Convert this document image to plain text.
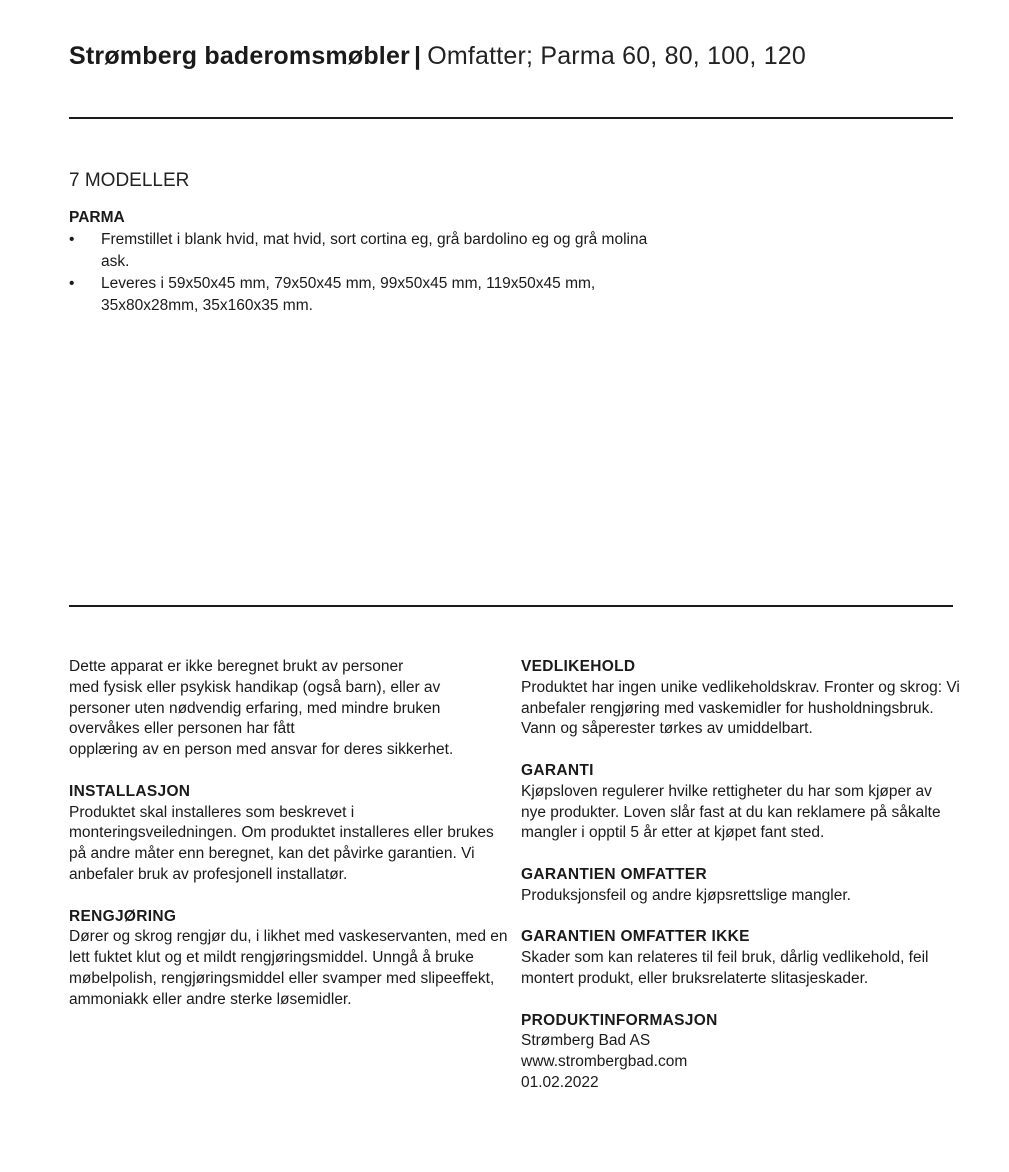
Strømberg baderomsmøbler | Omfatter; Parma 60, 80, 100, 120
7 MODELLER

PARMA

•	Fremstillet i blank hvid, mat hvid, sort cortina eg, grå bardolino eg og grå molina ask.
•	Leveres i 59x50x45 mm, 79x50x45 mm, 99x50x45 mm, 119x50x45 mm, 35x80x28mm, 35x160x35 mm.

Dette apparat er ikke beregnet brukt av personer
med fysisk eller psykisk handikap (også barn), eller av
personer uten nødvendig erfaring, med mindre bruken
overvåkes eller personen har fått
opplæring av en person med ansvar for deres sikkerhet.

INSTALLASJON

Produktet skal installeres som beskrevet i monteringsveiledningen. Om produktet installeres eller brukes på andre måter enn beregnet, kan det påvirke garantien. Vi anbefaler bruk av profesjonell installatør.

RENGJØRING

Dører og skrog rengjør du, i likhet med vaskeservanten, med en lett fuktet klut og et mildt rengjøringsmiddel. Unngå å bruke møbelpolish, rengjøringsmiddel eller svamper med slipeeffekt, ammoniakk eller andre sterke løsemidler.

VEDLIKEHOLD

Produktet har ingen unike vedlikeholdskrav. Fronter og skrog: Vi anbefaler rengjøring med vaskemidler for husholdningsbruk. Vann og såperester tørkes av umiddelbart.

GARANTI

Kjøpsloven regulerer hvilke rettigheter du har som kjøper av nye produkter. Loven slår fast at du kan reklamere på såkalte mangler i opptil 5 år etter at kjøpet fant sted.

GARANTIEN OMFATTER

Produksjonsfeil og andre kjøpsrettslige mangler.

GARANTIEN OMFATTER IKKE

Skader som kan relateres til feil bruk, dårlig vedlikehold, feil montert produkt, eller bruksrelaterte slitasjeskader.

PRODUKTINFORMASJON
Strømberg Bad AS
www.strombergbad.com
01.02.2022
